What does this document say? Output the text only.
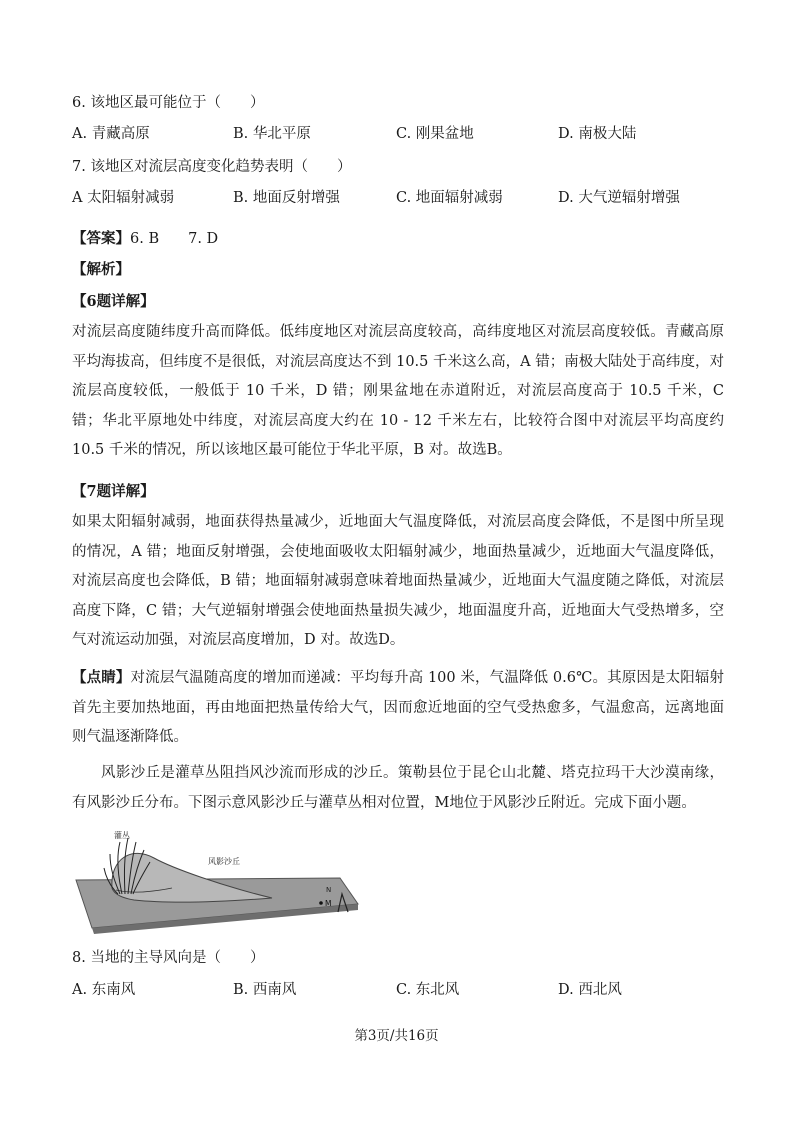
6. 该地区最可能位于（　　）
A. 青藏高原	B. 华北平原	C. 刚果盆地	D. 南极大陆
7. 该地区对流层高度变化趋势表明（　　）
A 太阳辐射减弱	B. 地面反射增强	C. 地面辐射减弱	D. 大气逆辐射增强
【答案】6. B　　7. D
【解析】
【6题详解】
对流层高度随纬度升高而降低。低纬度地区对流层高度较高，高纬度地区对流层高度较低。青藏高原平均海拔高，但纬度不是很低，对流层高度达不到 10.5 千米这么高，A 错；南极大陆处于高纬度，对流层高度较低，一般低于 10 千米，D 错；刚果盆地在赤道附近，对流层高度高于 10.5 千米，C 错；华北平原地处中纬度，对流层高度大约在 10 - 12 千米左右，比较符合图中对流层平均高度约 10.5 千米的情况，所以该地区最可能位于华北平原，B 对。故选B。
【7题详解】
如果太阳辐射减弱，地面获得热量减少，近地面大气温度降低，对流层高度会降低，不是图中所呈现的情况，A 错；地面反射增强，会使地面吸收太阳辐射减少，地面热量减少，近地面大气温度降低，对流层高度也会降低，B 错；地面辐射减弱意味着地面热量减少，近地面大气温度随之降低，对流层高度下降，C 错；大气逆辐射增强会使地面热量损失减少，地面温度升高，近地面大气受热增多，空气对流运动加强，对流层高度增加，D 对。故选D。
【点睛】对流层气温随高度的增加而递减：平均每升高 100 米，气温降低 0.6℃。其原因是太阳辐射首先主要加热地面，再由地面把热量传给大气，因而愈近地面的空气受热愈多，气温愈高，远离地面则气温逐渐降低。
风影沙丘是灌草丛阻挡风沙流而形成的沙丘。策勒县位于昆仑山北麓、塔克拉玛干大沙漠南缘，有风影沙丘分布。下图示意风影沙丘与灌草丛相对位置，M地位于风影沙丘附近。完成下面小题。
灌丛
风影沙丘
M
N
8. 当地的主导风向是（　　）
A. 东南风	B. 西南风	C. 东北风	D. 西北风
第3页/共16页
